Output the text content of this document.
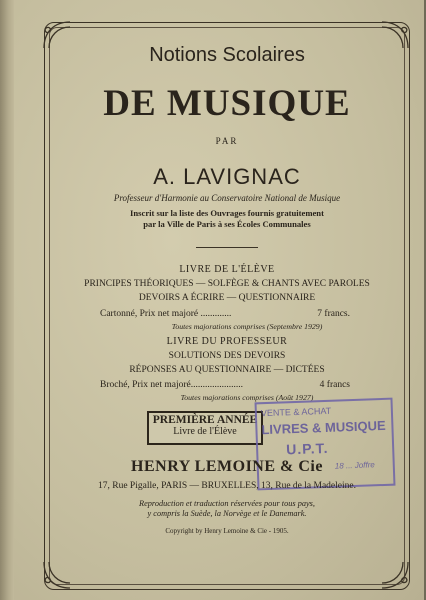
Notions Scolaires
DE MUSIQUE
PAR
A. LAVIGNAC
Professeur d'Harmonie au Conservatoire National de Musique
Inscrit sur la liste des Ouvrages fournis gratuitement
par la Ville de Paris à ses Écoles Communales
LIVRE DE L'ÉLÈVE
PRINCIPES THÉORIQUES — SOLFÈGE & CHANTS AVEC PAROLES
DEVOIRS A ÉCRIRE — QUESTIONNAIRE
Cartonné, Prix net majoré .............	7 francs.
Toutes majorations comprises (Septembre 1929)
LIVRE DU PROFESSEUR
SOLUTIONS DES DEVOIRS
RÉPONSES AU QUESTIONNAIRE — DICTÉES
Broché, Prix net majoré......................	4 francs
Toutes majorations comprises (Août 1927)
PREMIÈRE ANNÉE
Livre de l'Élève
VENTE & ACHAT
LIVRES & MUSIQUE
U.P.T.
18 ... Joffre
HENRY LEMOINE & Cie
17, Rue Pigalle, PARIS — BRUXELLES, 13, Rue de la Madeleine.
Reproduction et traduction réservées pour tous pays,
y compris la Suède, la Norvège et le Danemark.
Copyright by Henry Lemoine & Cie - 1905.
